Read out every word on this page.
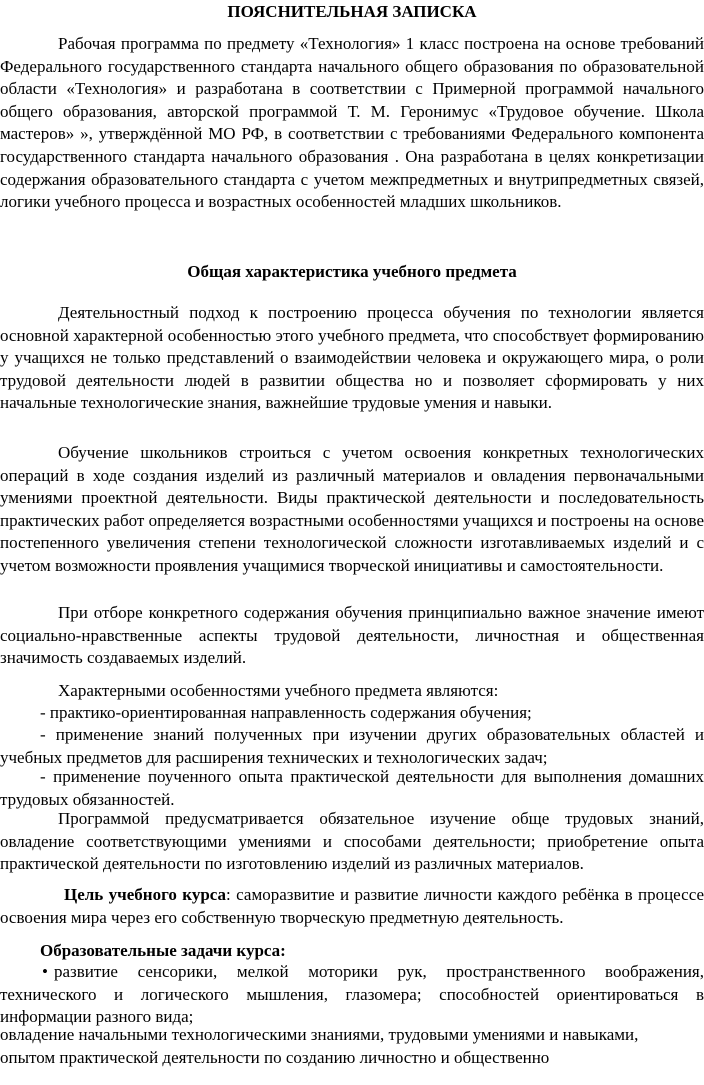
ПОЯСНИТЕЛЬНАЯ ЗАПИСКА

Рабочая программа по предмету «Технология» 1 класс построена на основе требований Федерального государственного стандарта начального общего образования по образовательной области «Технология» и разработана в соответствии с Примерной программой начального общего образования, авторской программой Т. М. Геронимус «Трудовое обучение. Школа мастеров» », утверждённой МО РФ, в соответствии с требованиями Федерального компонента государственного стандарта начального образования . Она разработана в целях конкретизации содержания образовательного стандарта с учетом межпредметных и внутрипредметных связей, логики учебного процесса и возрастных особенностей младших школьников.

Общая характеристика учебного предмета

Деятельностный подход к построению процесса обучения по технологии является основной характерной особенностью этого учебного предмета, что способствует формированию у учащихся не только представлений о взаимодействии человека и окружающего мира, о роли трудовой деятельности людей в развитии общества но и позволяет сформировать у них начальные технологические знания, важнейшие трудовые умения и навыки.

Обучение школьников строиться с учетом освоения конкретных технологических операций в ходе создания изделий из различный материалов и овладения первоначальными умениями проектной деятельности. Виды практической деятельности и последовательность практических работ определяется возрастными особенностями учащихся и построены на основе постепенного увеличения степени технологической сложности изготавливаемых изделий и с учетом возможности проявления учащимися творческой инициативы и самостоятельности.

При отборе конкретного содержания обучения принципиально важное значение имеют социально-нравственные аспекты трудовой деятельности, личностная и общественная значимость создаваемых изделий.

Характерными особенностями учебного предмета являются:

- практико-ориентированная направленность содержания обучения;

- применение знаний полученных при изучении других образовательных областей и учебных предметов для расширения технических и технологических задач;

- применение поученного опыта практической деятельности для выполнения домашних трудовых обязанностей.

Программой предусматривается обязательное изучение обще трудовых знаний, овладение соответствующими умениями и способами деятельности; приобретение опыта практической деятельности по изготовлению изделий из различных материалов.

Цель учебного курса: саморазвитие и развитие личности каждого ребёнка в процессе освоения мира через его собственную творческую предметную деятельность.

Образовательные задачи курса:

• развитие сенсорики, мелкой моторики рук, пространственного воображения, технического и логического мышления, глазомера; способностей ориентироваться в информации разного вида;

овладение начальными технологическими знаниями, трудовыми умениями и навыками,

опытом практической деятельности по созданию личностно и общественно
